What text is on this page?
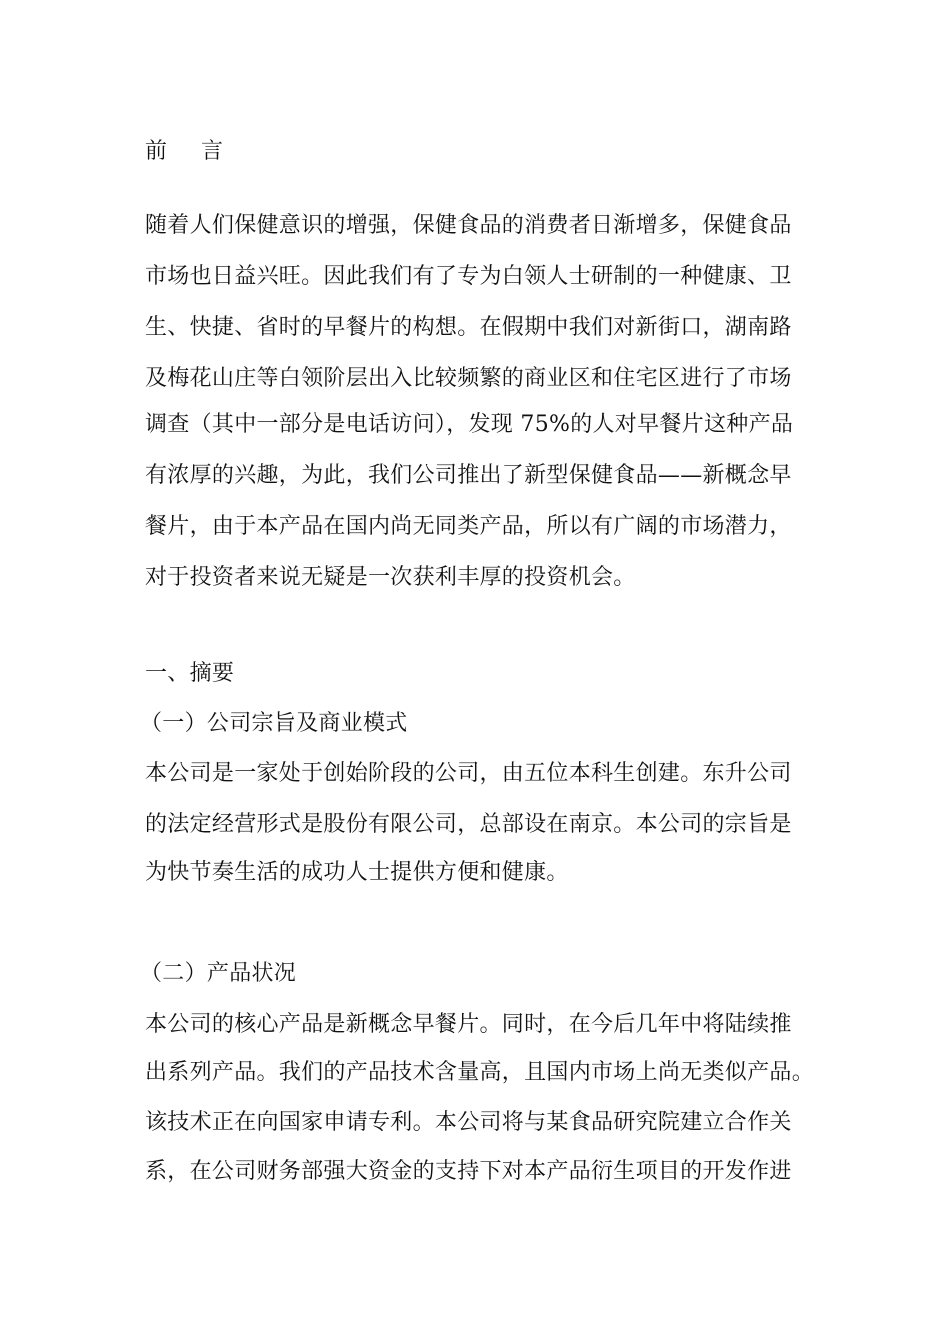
前 言
随着人们保健意识的增强，保健食品的消费者日渐增多，保健食品
市场也日益兴旺。因此我们有了专为白领人士研制的一种健康、卫
生、快捷、省时的早餐片的构想。在假期中我们对新街口，湖南路
及梅花山庄等白领阶层出入比较频繁的商业区和住宅区进行了市场
调查（其中一部分是电话访问），发现 75%的人对早餐片这种产品
有浓厚的兴趣，为此，我们公司推出了新型保健食品——新概念早
餐片，由于本产品在国内尚无同类产品，所以有广阔的市场潜力，
对于投资者来说无疑是一次获利丰厚的投资机会。
一、摘要
（一）公司宗旨及商业模式
本公司是一家处于创始阶段的公司，由五位本科生创建。东升公司
的法定经营形式是股份有限公司，总部设在南京。本公司的宗旨是
为快节奏生活的成功人士提供方便和健康。
（二）产品状况
本公司的核心产品是新概念早餐片。同时，在今后几年中将陆续推
出系列产品。我们的产品技术含量高，且国内市场上尚无类似产品。
该技术正在向国家申请专利。本公司将与某食品研究院建立合作关
系，在公司财务部强大资金的支持下对本产品衍生项目的开发作进
